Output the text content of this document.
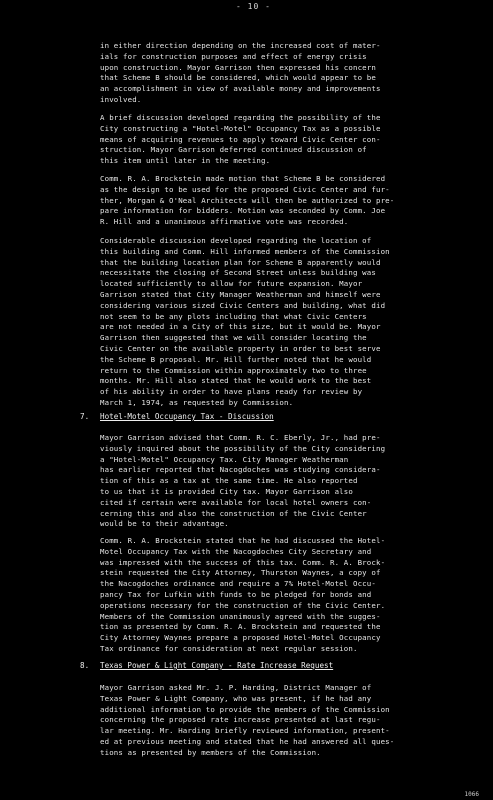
- 10 -
in either direction depending on the increased cost of mater-
ials for construction purposes and effect of energy crisis
upon construction. Mayor Garrison then expressed his concern
that Scheme B should be considered, which would appear to be
an accomplishment in view of available money and improvements
involved.
A brief discussion developed regarding the possibility of the
City constructing a "Hotel-Motel" Occupancy Tax as a possible
means of acquiring revenues to apply toward Civic Center con-
struction. Mayor Garrison deferred continued discussion of
this item until later in the meeting.
Comm. R. A. Brockstein made motion that Scheme B be considered
as the design to be used for the proposed Civic Center and fur-
ther, Morgan & O'Neal Architects will then be authorized to pre-
pare information for bidders. Motion was seconded by Comm. Joe
R. Hill and a unanimous affirmative vote was recorded.
Considerable discussion developed regarding the location of
this building and Comm. Hill informed members of the Commission
that the building location plan for Scheme B apparently would
necessitate the closing of Second Street unless building was
located sufficiently to allow for future expansion. Mayor
Garrison stated that City Manager Weatherman and himself were
considering various sized Civic Centers and building, what did
not seem to be any plots including that what Civic Centers
are not needed in a City of this size, but it would be. Mayor
Garrison then suggested that we will consider locating the
Civic Center on the available property in order to best serve
the Scheme B proposal. Mr. Hill further noted that he would
return to the Commission within approximately two to three
months. Mr. Hill also stated that he would work to the best
of his ability in order to have plans ready for review by
March 1, 1974, as requested by Commission.
7. Hotel-Motel Occupancy Tax - Discussion
Mayor Garrison advised that Comm. R. C. Eberly, Jr., had pre-
viously inquired about the possibility of the City considering
a "Hotel-Motel" Occupancy Tax. City Manager Weatherman
has earlier reported that Nacogdoches was studying considera-
tion of this as a tax at the same time. He also reported
to us that it is provided City tax. Mayor Garrison also
cited if certain were available for local hotel owners con-
cerning this and also the construction of the Civic Center
would be to their advantage.
Comm. R. A. Brockstein stated that he had discussed the Hotel-
Motel Occupancy Tax with the Nacogdoches City Secretary and
was impressed with the success of this tax. Comm. R. A. Brock-
stein requested the City Attorney, Thurston Waynes, a copy of
the Nacogdoches ordinance and require a 7% Hotel-Motel Occu-
pancy Tax for Lufkin with funds to be pledged for bonds and
operations necessary for the construction of the Civic Center.
Members of the Commission unanimously agreed with the sugges-
tion as presented by Comm. R. A. Brockstein and requested the
City Attorney Waynes prepare a proposed Hotel-Motel Occupancy
Tax ordinance for consideration at next regular session.
8. Texas Power & Light Company - Rate Increase Request
Mayor Garrison asked Mr. J. P. Harding, District Manager of
Texas Power & Light Company, who was present, if he had any
additional information to provide the members of the Commission
concerning the proposed rate increase presented at last regu-
lar meeting. Mr. Harding briefly reviewed information, present-
ed at previous meeting and stated that he had answered all ques-
tions as presented by members of the Commission.
1066
